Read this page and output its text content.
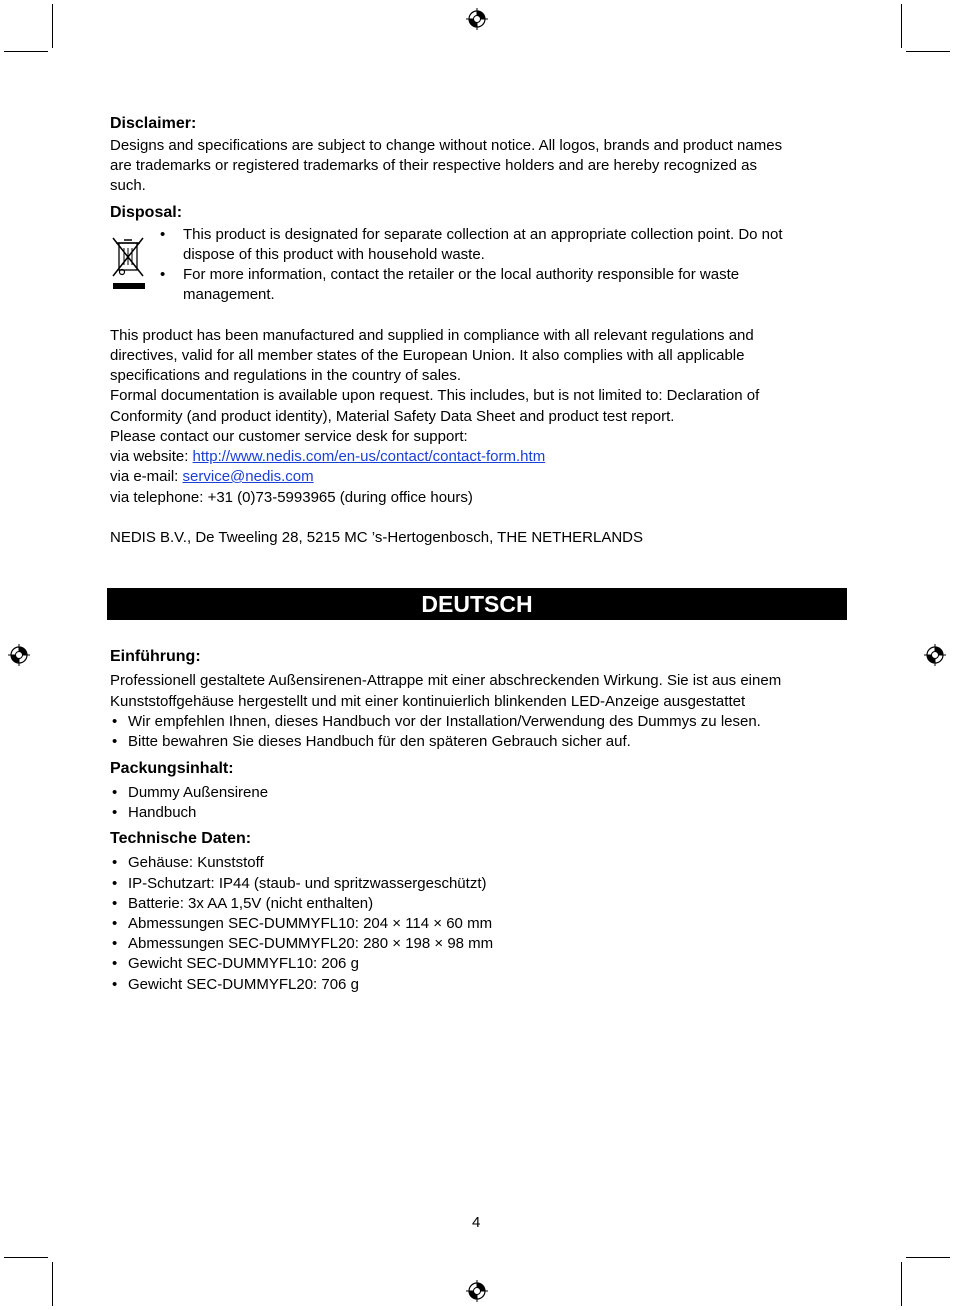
Disclaimer:
Designs and specifications are subject to change without notice. All logos, brands and product names
are trademarks or registered trademarks of their respective holders and are hereby recognized as
such.
Disposal:
• This product is designated for separate collection at an appropriate collection point. Do not
dispose of this product with household waste.
• For more information, contact the retailer or the local authority responsible for waste
management.
This product has been manufactured and supplied in compliance with all relevant regulations and
directives, valid for all member states of the European Union. It also complies with all applicable
specifications and regulations in the country of sales.
Formal documentation is available upon request. This includes, but is not limited to: Declaration of
Conformity (and product identity), Material Safety Data Sheet and product test report.
Please contact our customer service desk for support:
via website: http://www.nedis.com/en-us/contact/contact-form.htm
via e-mail: service@nedis.com
via telephone: +31 (0)73-5993965 (during office hours)
NEDIS B.V., De Tweeling 28, 5215 MC ’s-Hertogenbosch, THE NETHERLANDS
DEUTSCH
Einführung:
Professionell gestaltete Außensirenen-Attrappe mit einer abschreckenden Wirkung. Sie ist aus einem
Kunststoffgehäuse hergestellt und mit einer kontinuierlich blinkenden LED-Anzeige ausgestattet
• Wir empfehlen Ihnen, dieses Handbuch vor der Installation/Verwendung des Dummys zu lesen.
• Bitte bewahren Sie dieses Handbuch für den späteren Gebrauch sicher auf.
Packungsinhalt:
• Dummy Außensirene
• Handbuch
Technische Daten:
• Gehäuse: Kunststoff
• IP-Schutzart: IP44 (staub- und spritzwassergeschützt)
• Batterie: 3x AA 1,5V (nicht enthalten)
• Abmessungen SEC-DUMMYFL10: 204 × 114 × 60 mm
• Abmessungen SEC-DUMMYFL20: 280 × 198 × 98 mm
• Gewicht SEC-DUMMYFL10: 206 g
• Gewicht SEC-DUMMYFL20: 706 g
4
